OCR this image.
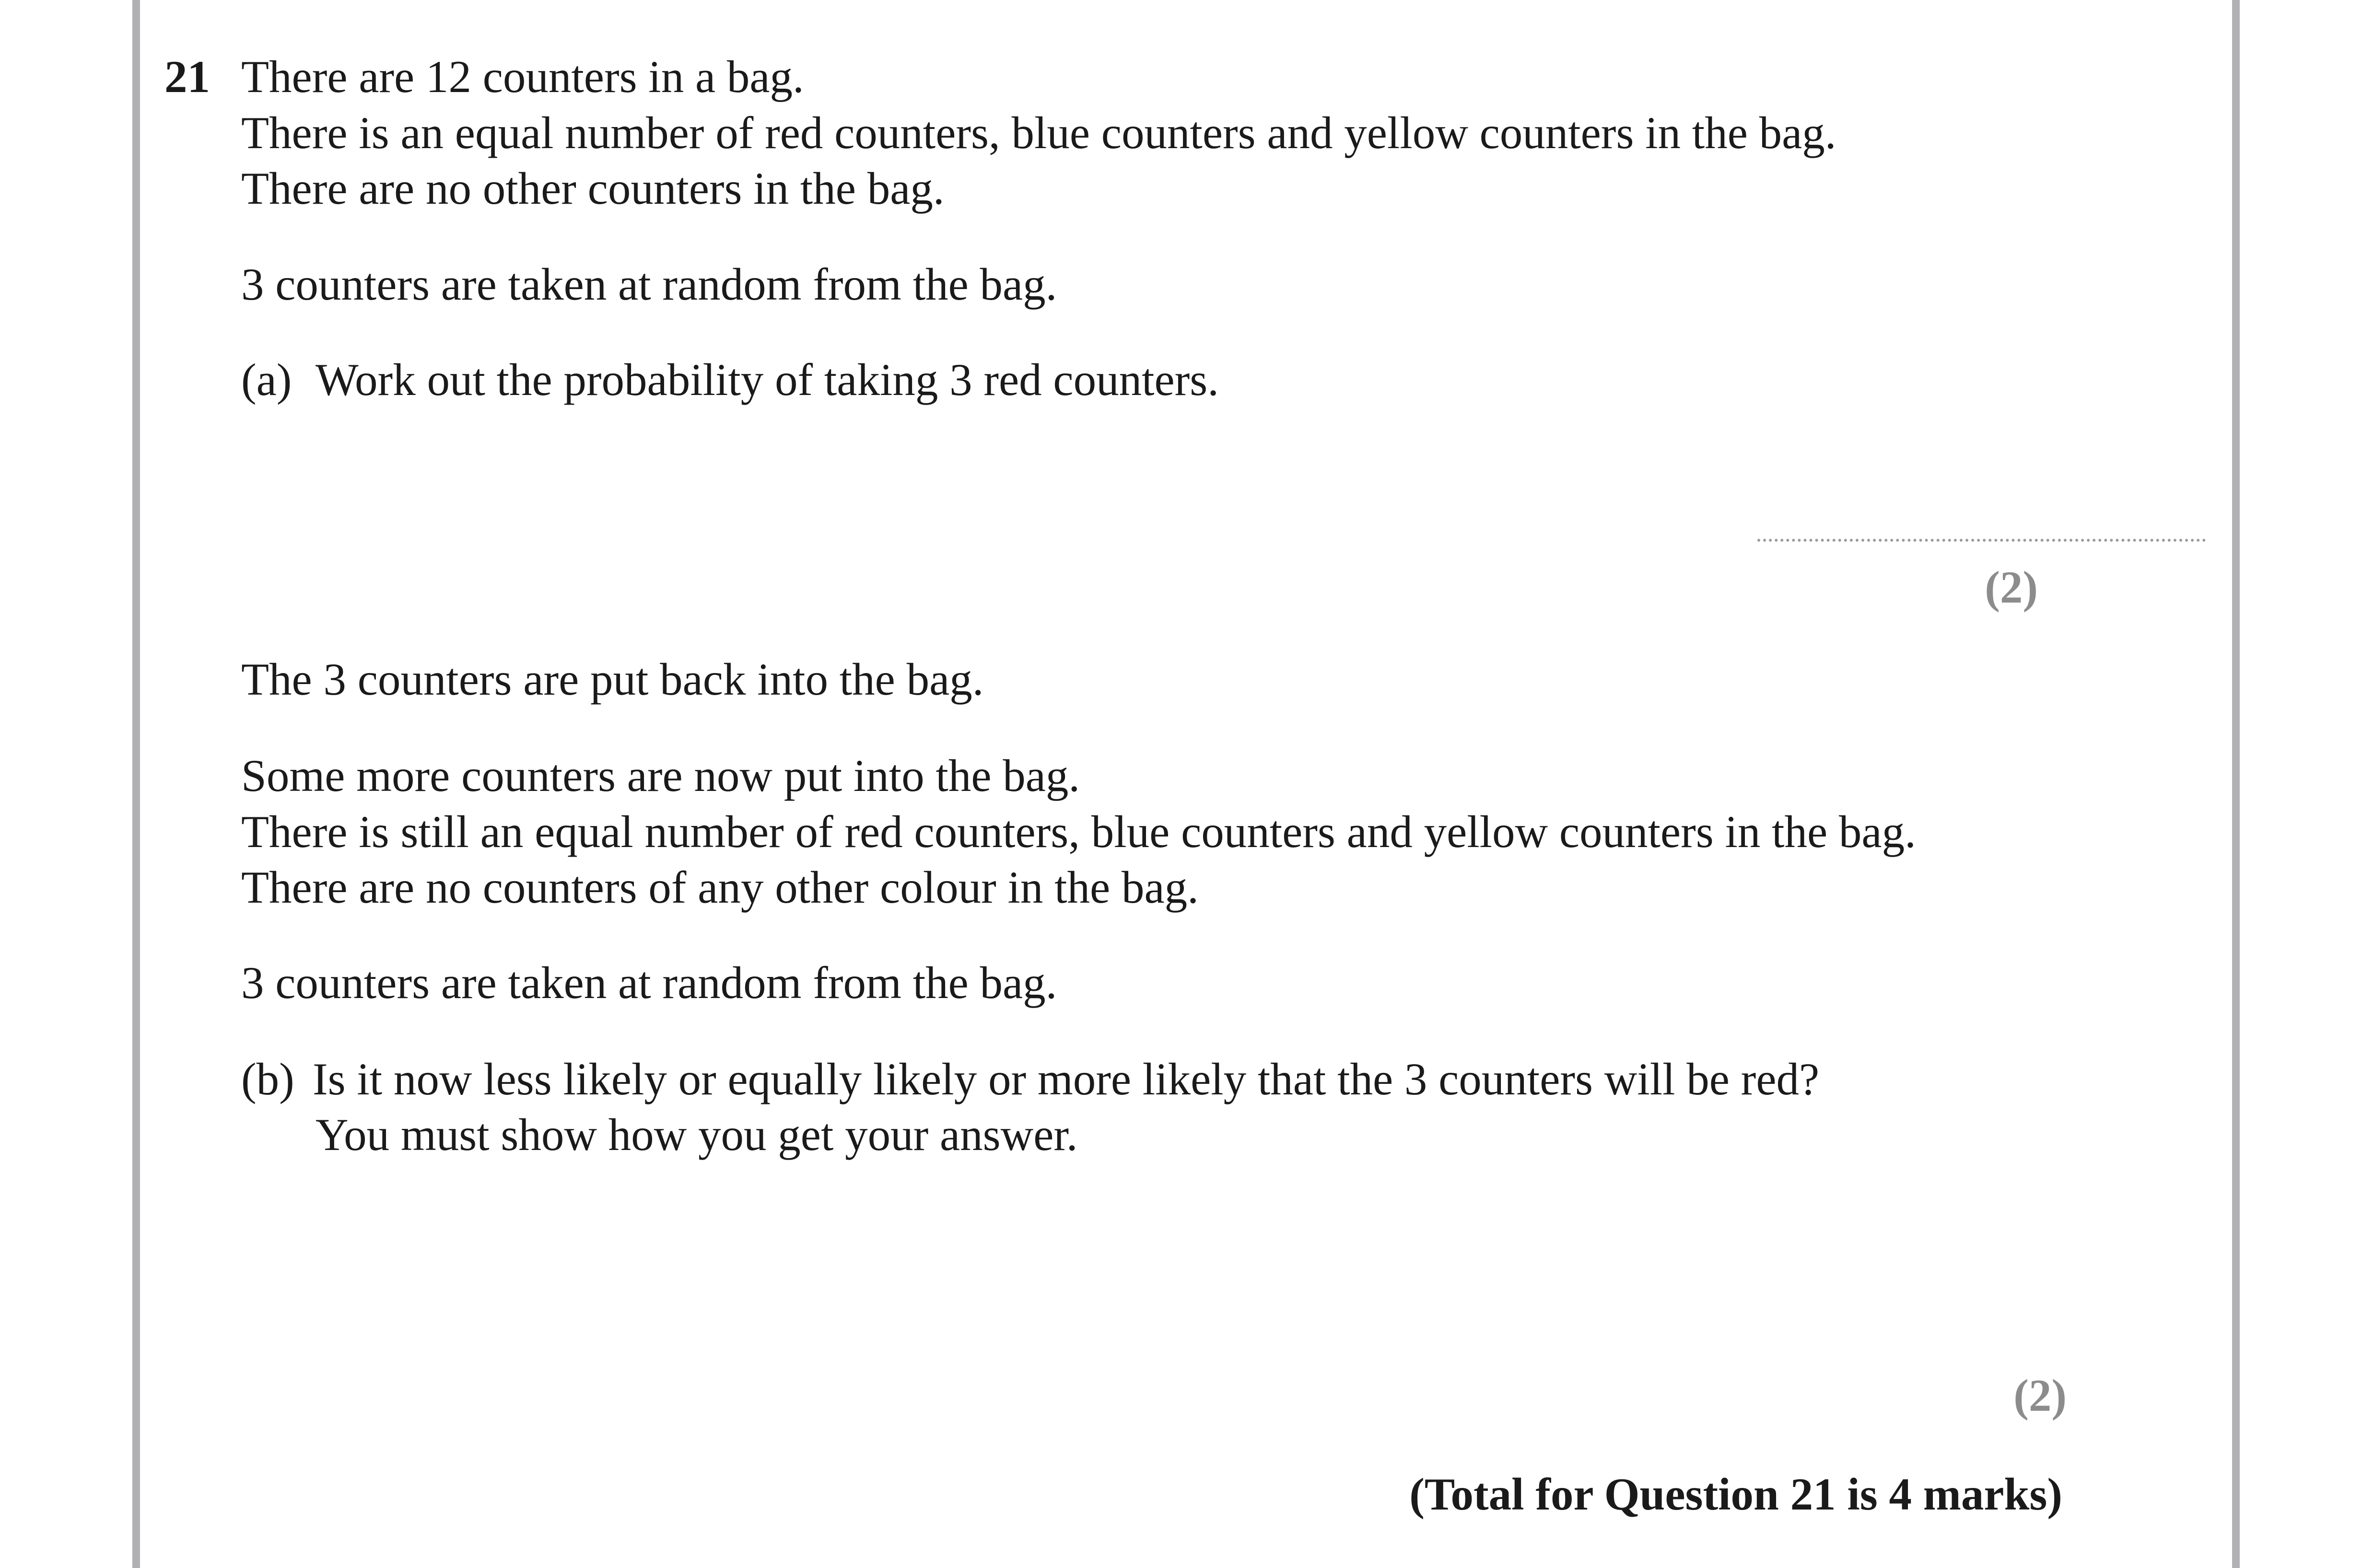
21 There are 12 counters in a bag.
There is an equal number of red counters, blue counters and yellow counters in the bag.
There are no other counters in the bag.
3 counters are taken at random from the bag.
(a) Work out the probability of taking 3 red counters.
(2)
The 3 counters are put back into the bag.
Some more counters are now put into the bag.
There is still an equal number of red counters, blue counters and yellow counters in the bag.
There are no counters of any other colour in the bag.
3 counters are taken at random from the bag.
(b) Is it now less likely or equally likely or more likely that the 3 counters will be red?
You must show how you get your answer.
(2)
(Total for Question 21 is 4 marks)
